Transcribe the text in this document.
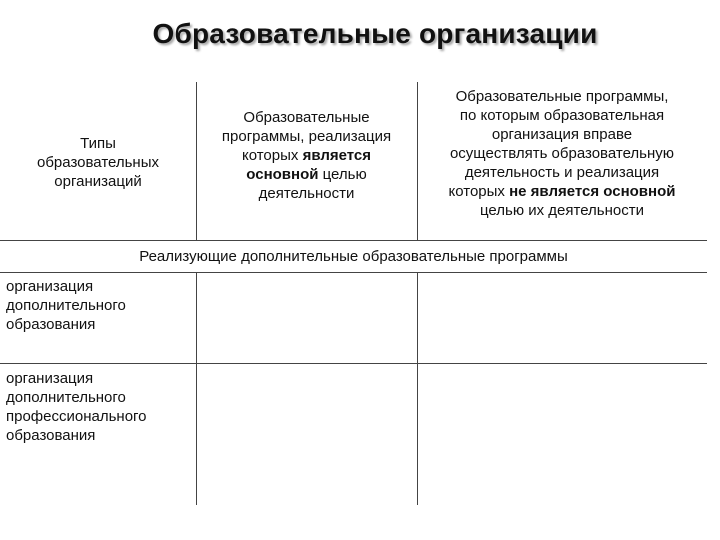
Образовательные организации
Типы
образовательных
организаций
Образовательные
программы, реализация
которых является
основной целью
деятельности
Образовательные программы,
по которым образовательная
организация вправе
осуществлять образовательную
деятельность и реализация
которых не является основной
целью их деятельности
Реализующие дополнительные образовательные программы
организация
дополнительного
образования
организация
дополнительного
профессионального
образования
